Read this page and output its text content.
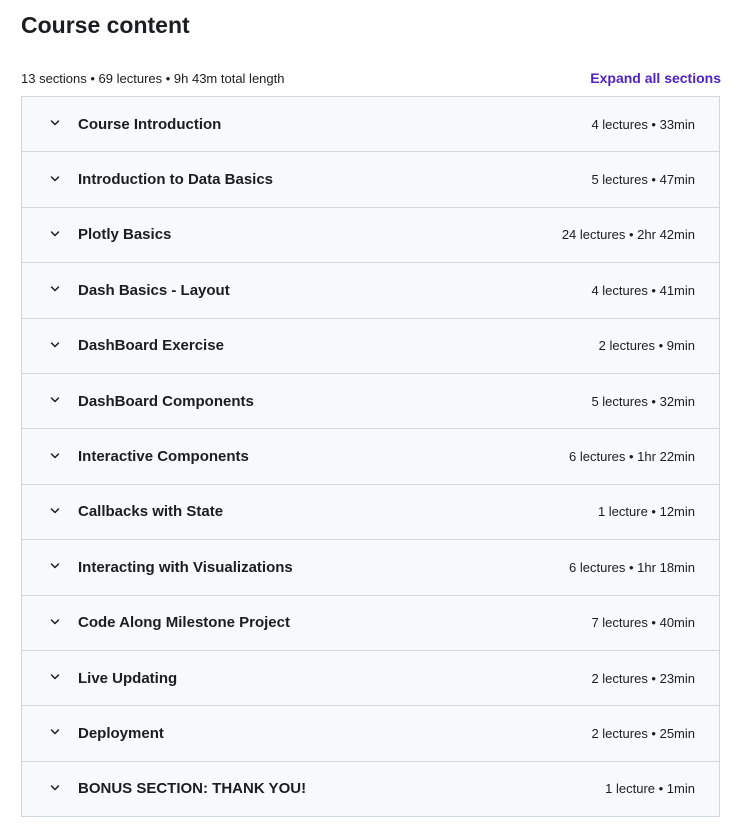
Course content
13 sections • 69 lectures • 9h 43m total length	Expand all sections
Course Introduction	4 lectures • 33min
Introduction to Data Basics	5 lectures • 47min
Plotly Basics	24 lectures • 2hr 42min
Dash Basics - Layout	4 lectures • 41min
DashBoard Exercise	2 lectures • 9min
DashBoard Components	5 lectures • 32min
Interactive Components	6 lectures • 1hr 22min
Callbacks with State	1 lecture • 12min
Interacting with Visualizations	6 lectures • 1hr 18min
Code Along Milestone Project	7 lectures • 40min
Live Updating	2 lectures • 23min
Deployment	2 lectures • 25min
BONUS SECTION: THANK YOU!	1 lecture • 1min
